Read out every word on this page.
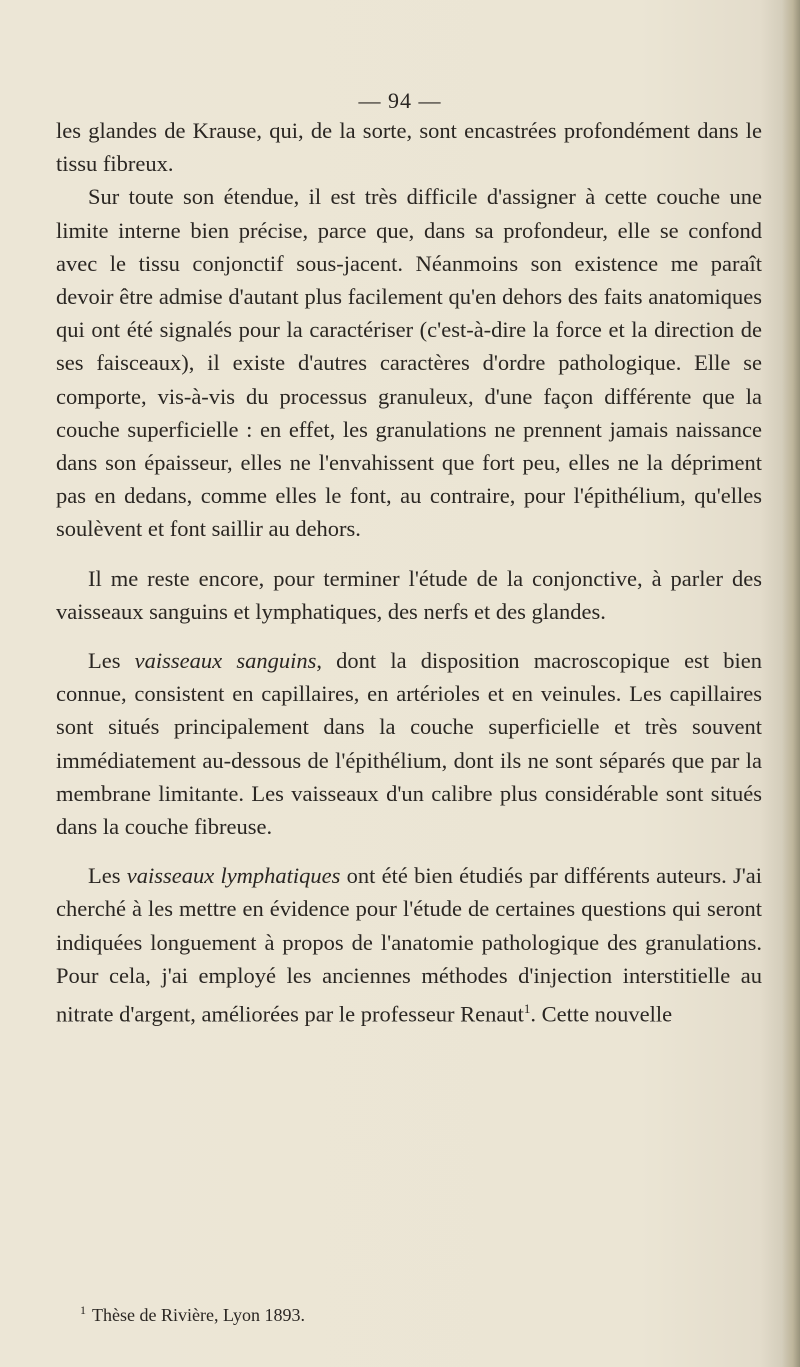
— 94 —

les glandes de Krause, qui, de la sorte, sont encastrées profondément dans le tissu fibreux.

Sur toute son étendue, il est très difficile d'assigner à cette couche une limite interne bien précise, parce que, dans sa profondeur, elle se confond avec le tissu conjonctif sous-jacent. Néanmoins son existence me paraît devoir être admise d'autant plus facilement qu'en dehors des faits anatomiques qui ont été signalés pour la caractériser (c'est-à-dire la force et la direction de ses faisceaux), il existe d'autres caractères d'ordre pathologique. Elle se comporte, vis-à-vis du processus granuleux, d'une façon différente que la couche superficielle : en effet, les granulations ne prennent jamais naissance dans son épaisseur, elles ne l'envahissent que fort peu, elles ne la dépriment pas en dedans, comme elles le font, au contraire, pour l'épithélium, qu'elles soulèvent et font saillir au dehors.

Il me reste encore, pour terminer l'étude de la conjonctive, à parler des vaisseaux sanguins et lymphatiques, des nerfs et des glandes.

Les vaisseaux sanguins, dont la disposition macroscopique est bien connue, consistent en capillaires, en artérioles et en veinules. Les capillaires sont situés principalement dans la couche superficielle et très souvent immédiatement au-dessous de l'épithélium, dont ils ne sont séparés que par la membrane limitante. Les vaisseaux d'un calibre plus considérable sont situés dans la couche fibreuse.

Les vaisseaux lymphatiques ont été bien étudiés par différents auteurs. J'ai cherché à les mettre en évidence pour l'étude de certaines questions qui seront indiquées longuement à propos de l'anatomie pathologique des granulations. Pour cela, j'ai employé les anciennes méthodes d'injection interstitielle au nitrate d'argent, améliorées par le professeur Renaut$^1$. Cette nouvelle

$^1$ Thèse de Rivière, Lyon 1893.
